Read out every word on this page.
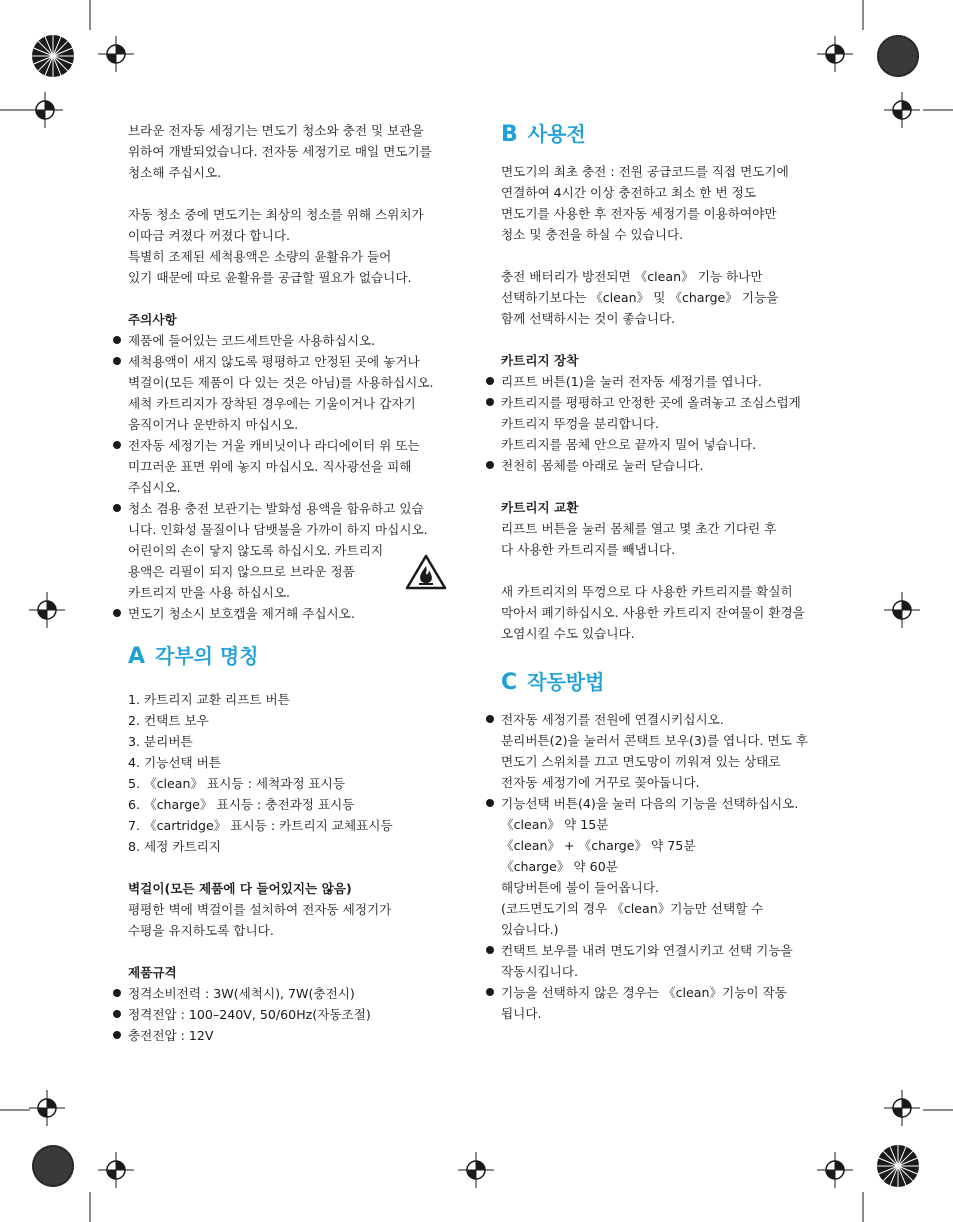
브라운 전자동 세정기는 면도기 청소와 충전 및 보관을
위하여 개발되었습니다. 전자동 세정기로 매일 면도기를
청소해 주십시오.
자동 청소 중에 면도기는 최상의 청소를 위해 스위치가
이따금 켜졌다 꺼졌다 합니다.
특별히 조제된 세척용액은 소량의 윤활유가 들어
있기 때문에 따로 윤활유를 공급할 필요가 없습니다.
주의사항
제품에 들어있는 코드세트만을 사용하십시오.
세척용액이 새지 않도록 평평하고 안정된 곳에 놓거나
벽걸이(모든 제품이 다 있는 것은 아님)를 사용하십시오.
세척 카트리지가 장착된 경우에는 기울이거나 갑자기
움직이거나 운반하지 마십시오.
전자동 세정기는 거울 캐비닛이나 라디에이터 위 또는
미끄러운 표면 위에 놓지 마십시오. 직사광선을 피해
주십시오.
청소 겸용 충전 보관기는 발화성 용액을 함유하고 있습
니다. 인화성 물질이나 담뱃불을 가까이 하지 마십시오.
어린이의 손이 닿지 않도록 하십시오. 카트리지
용액은 리필이 되지 않으므로 브라운 정품
카트리지 만을 사용 하십시오.
면도기 청소시 보호캡을 제거해 주십시오.
A 각부의 명칭
1. 카트리지 교환 리프트 버튼
2. 컨택트 보우
3. 분리버튼
4. 기능선택 버튼
5. 《clean》 표시등 : 세척과정 표시등
6. 《charge》 표시등 : 충전과정 표시등
7. 《cartridge》 표시등 : 카트리지 교체표시등
8. 세정 카트리지
벽걸이(모든 제품에 다 들어있지는 않음)
평평한 벽에 벽걸이를 설치하여 전자동 세정기가
수평을 유지하도록 합니다.
제품규격
정격소비전력 : 3W(세척시), 7W(충전시)
정격전압 : 100–240V, 50/60Hz(자동조절)
충전전압 : 12V
B 사용전
면도기의 최초 충전 : 전원 공급코드를 직접 면도기에
연결하여 4시간 이상 충전하고 최소 한 번 정도
면도기를 사용한 후 전자동 세정기를 이용하여야만
청소 및 충전을 하실 수 있습니다.
충전 배터리가 방전되면 《clean》 기능 하나만
선택하기보다는 《clean》 및 《charge》 기능을
함께 선택하시는 것이 좋습니다.
카트리지 장착
리프트 버튼(1)을 눌러 전자동 세정기를 엽니다.
카트리지를 평평하고 안정한 곳에 올려놓고 조심스럽게
카트리지 뚜껑을 분리합니다.
카트리지를 몸체 안으로 끝까지 밀어 넣습니다.
천천히 몸체를 아래로 눌러 닫습니다.
카트리지 교환
리프트 버튼을 눌러 몸체를 열고 몇 초간 기다린 후
다 사용한 카트리지를 빼냅니다.
새 카트리지의 뚜껑으로 다 사용한 카트리지를 확실히
막아서 폐기하십시오. 사용한 카트리지 잔여물이 환경을
오염시킬 수도 있습니다.
C 작동방법
전자동 세정기를 전원에 연결시키십시오.
분리버튼(2)을 눌러서 콘택트 보우(3)를 엽니다. 면도 후
면도기 스위치를 끄고 면도망이 끼워져 있는 상태로
전자동 세정기에 거꾸로 꽂아둡니다.
기능선택 버튼(4)을 눌러 다음의 기능을 선택하십시오.
《clean》 약 15분
《clean》 + 《charge》 약 75분
《charge》 약 60분
해당버튼에 불이 들어옵니다.
(코드면도기의 경우 《clean》기능만 선택할 수
있습니다.)
컨택트 보우를 내려 면도기와 연결시키고 선택 기능을
작동시킵니다.
기능을 선택하지 않은 경우는 《clean》기능이 작동
됩니다.
